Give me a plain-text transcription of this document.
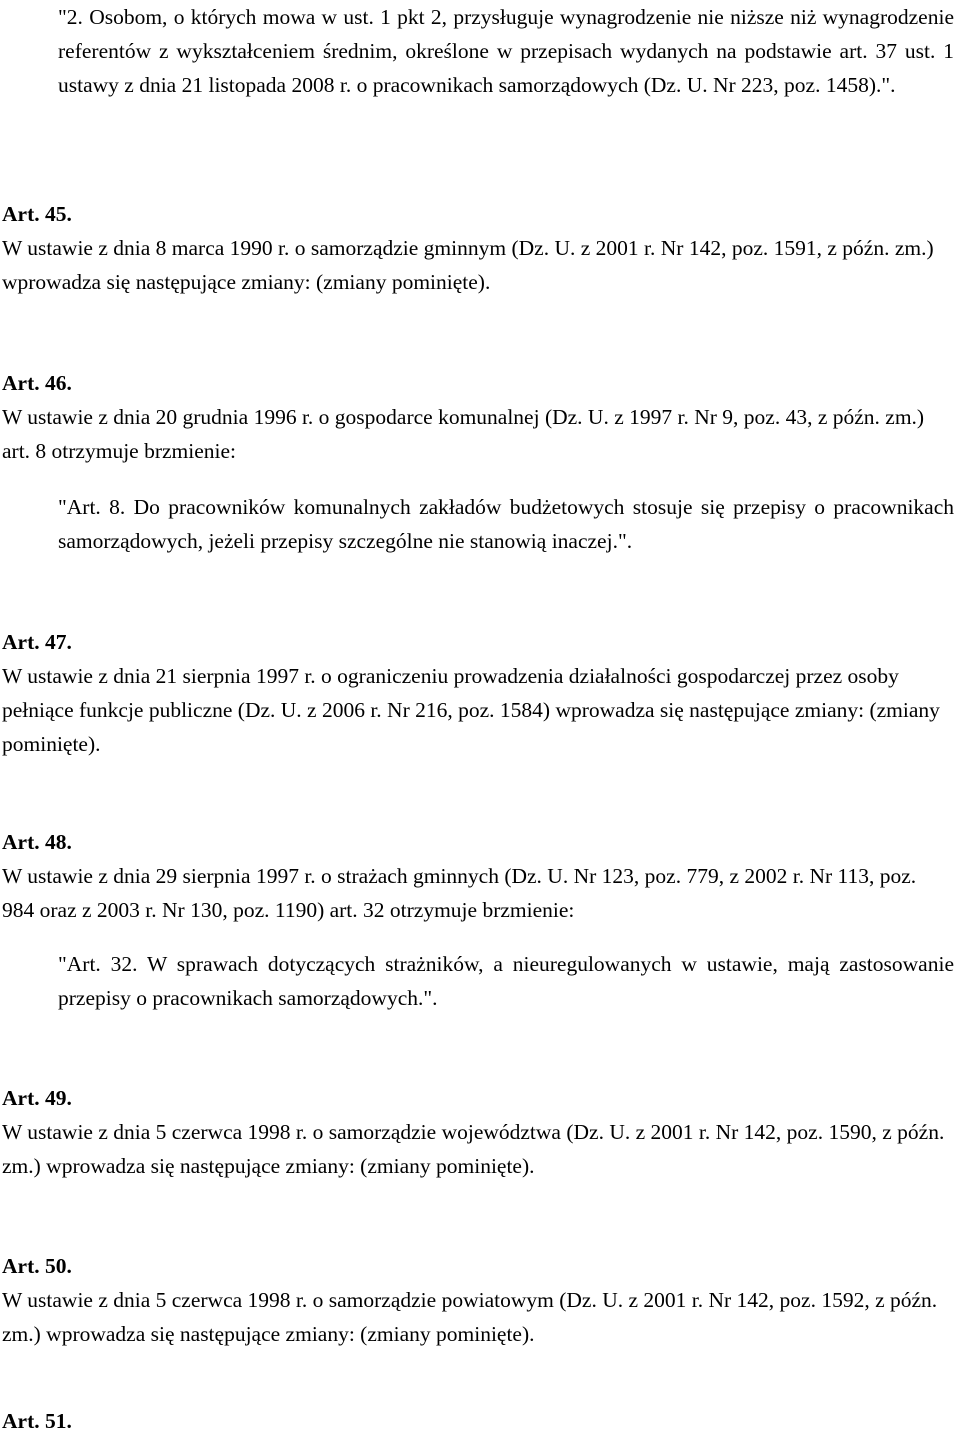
"2. Osobom, o których mowa w ust. 1 pkt 2, przysługuje wynagrodzenie nie niższe niż wynagrodzenie referentów z wykształceniem średnim, określone w przepisach wydanych na podstawie art. 37 ust. 1 ustawy z dnia 21 listopada 2008 r. o pracownikach samorządowych (Dz. U. Nr 223, poz. 1458).".

Art. 45.

W ustawie z dnia 8 marca 1990 r. o samorządzie gminnym (Dz. U. z 2001 r. Nr 142, poz. 1591, z późn. zm.) wprowadza się następujące zmiany: (zmiany pominięte).

Art. 46.

W ustawie z dnia 20 grudnia 1996 r. o gospodarce komunalnej (Dz. U. z 1997 r. Nr 9, poz. 43, z późn. zm.) art. 8 otrzymuje brzmienie:

"Art. 8. Do pracowników komunalnych zakładów budżetowych stosuje się przepisy o pracownikach samorządowych, jeżeli przepisy szczególne nie stanowią inaczej.".

Art. 47.

W ustawie z dnia 21 sierpnia 1997 r. o ograniczeniu prowadzenia działalności gospodarczej przez osoby pełniące funkcje publiczne (Dz. U. z 2006 r. Nr 216, poz. 1584) wprowadza się następujące zmiany: (zmiany pominięte).

Art. 48.

W ustawie z dnia 29 sierpnia 1997 r. o strażach gminnych (Dz. U. Nr 123, poz. 779, z 2002 r. Nr 113, poz. 984 oraz z 2003 r. Nr 130, poz. 1190) art. 32 otrzymuje brzmienie:

"Art. 32. W sprawach dotyczących strażników, a nieuregulowanych w ustawie, mają zastosowanie przepisy o pracownikach samorządowych.".

Art. 49.

W ustawie z dnia 5 czerwca 1998 r. o samorządzie województwa (Dz. U. z 2001 r. Nr 142, poz. 1590, z późn. zm.) wprowadza się następujące zmiany: (zmiany pominięte).

Art. 50.

W ustawie z dnia 5 czerwca 1998 r. o samorządzie powiatowym (Dz. U. z 2001 r. Nr 142, poz. 1592, z późn. zm.) wprowadza się następujące zmiany: (zmiany pominięte).

Art. 51.
